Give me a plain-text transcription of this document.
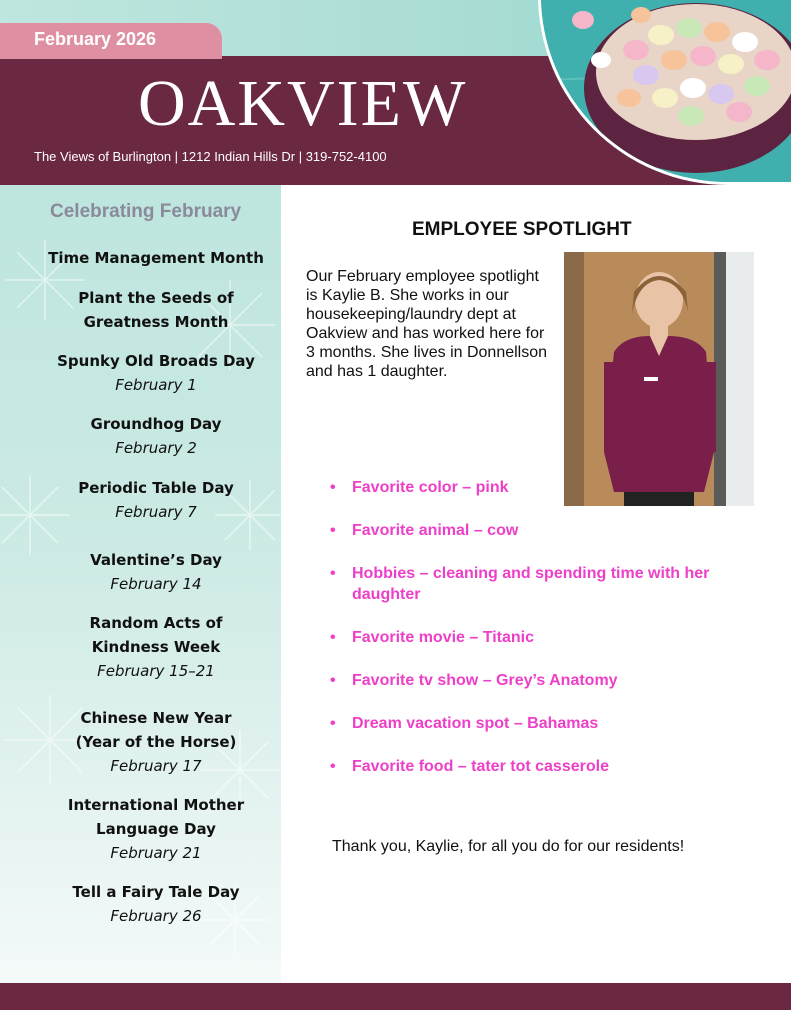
February 2026
OAKVIEW
The Views of Burlington | 1212 Indian Hills Dr | 319-752-4100
Celebrating February
Time Management Month
Plant the Seeds of Greatness Month
Spunky Old Broads Day
February 1
Groundhog Day
February 2
Periodic Table Day
February 7
Valentine’s Day
February 14
Random Acts of Kindness Week
February 15–21
Chinese New Year (Year of the Horse)
February 17
International Mother Language Day
February 21
Tell a Fairy Tale Day
February 26
EMPLOYEE SPOTLIGHT
Our February employee spotlight is Kaylie B. She works in our housekeeping/laundry dept at Oakview and has worked here for 3 months. She lives in Donnellson and has 1 daughter.
• Favorite color – pink
• Favorite animal – cow
• Hobbies – cleaning and spending time with her daughter
• Favorite movie – Titanic
• Favorite tv show – Grey’s Anatomy
• Dream vacation spot – Bahamas
• Favorite food – tater tot casserole
Thank you, Kaylie, for all you do for our residents!
